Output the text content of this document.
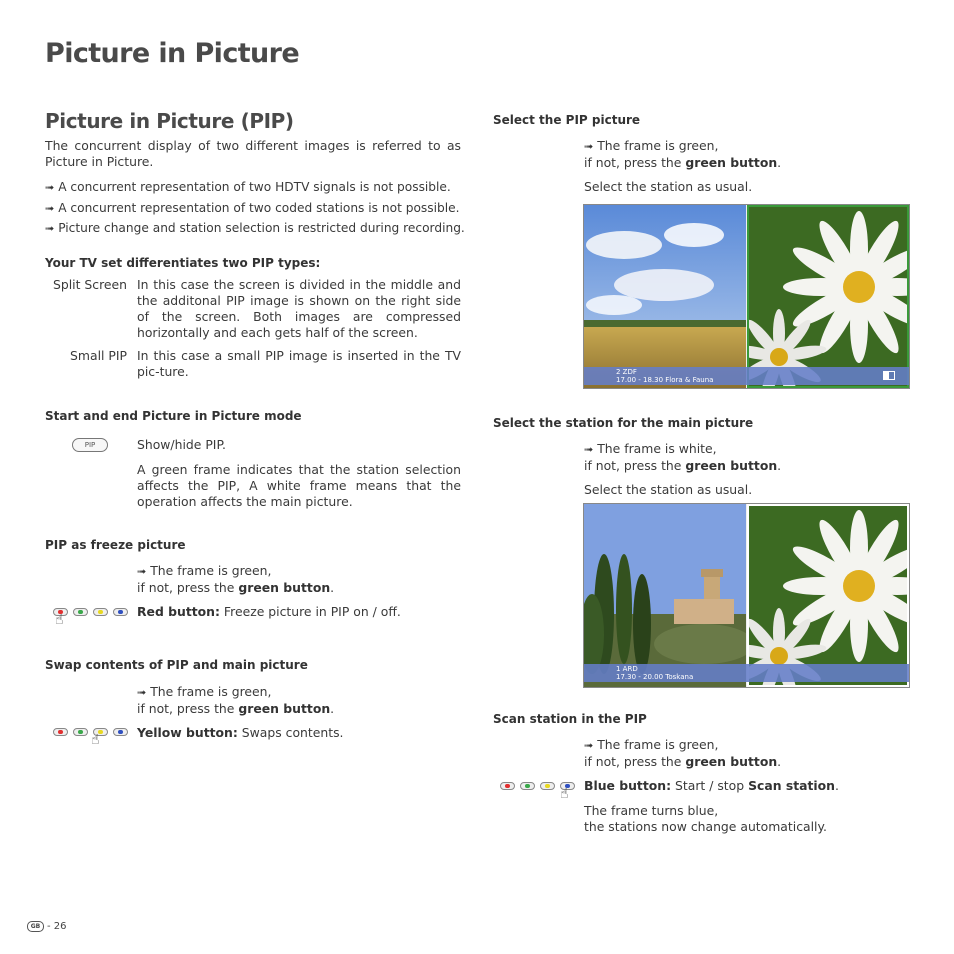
Picture in Picture
Picture in Picture (PIP)
The concurrent display of two different images is referred to as Picture in Picture.
➟ A concurrent representation of two HDTV signals is not possible.
➟ A concurrent representation of two coded stations is not possible.
➟ Picture change and station selection is restricted during recording.
Your TV set differentiates two PIP types:
Split Screen In this case the screen is divided in the middle and the additonal PIP image is shown on the right side of the screen. Both images are compressed horizontally and each gets half of the screen.
Small PIP In this case a small PIP image is inserted in the TV pic-ture.
Start and end Picture in Picture mode
PIP	Show/hide PIP.
A green frame indicates that the station selection affects the PIP, A white frame means that the operation affects the main picture.
PIP as freeze picture
➟ The frame is green,
if not, press the green button.
☝
Red button: Freeze picture in PIP on / off.
Swap contents of PIP and main picture
➟ The frame is green,
if not, press the green button.
☝	Yellow button: Swaps contents.
Select the PIP picture
➟ The frame is green,
if not, press the green button.
Select the station as usual.
2 ZDF
17.00 - 18.30 Flora & Fauna
Select the station for the main picture
➟ The frame is white,
if not, press the green button.
Select the station as usual.
1 ARD
17.30 - 20.00 Toskana
Scan station in the PIP
➟ The frame is green,
if not, press the green button.
☝
Blue button: Start / stop Scan station.
The frame turns blue,
the stations now change automatically.
GB - 26
